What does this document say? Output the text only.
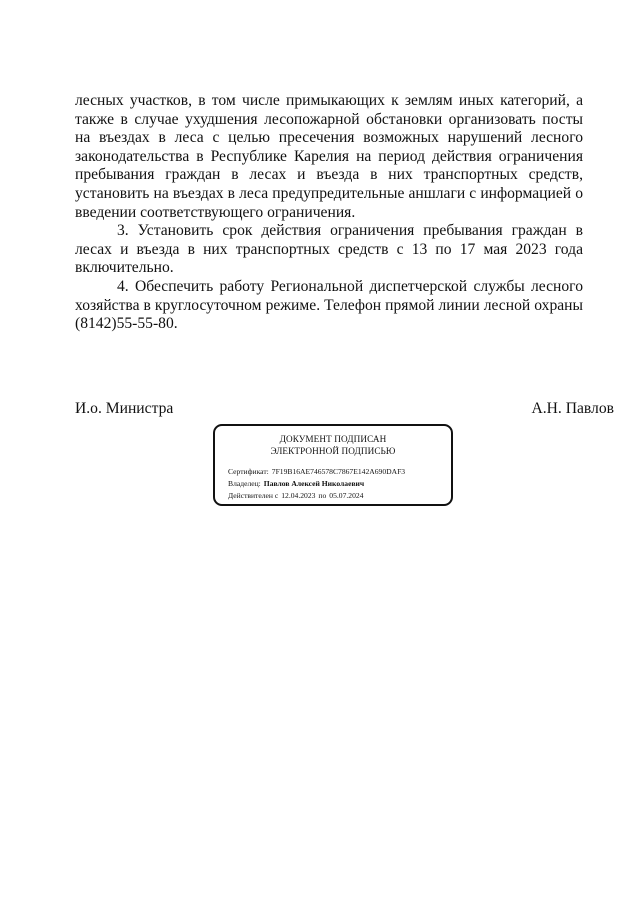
лесных участков, в том числе примыкающих к землям иных категорий, а также в случае ухудшения лесопожарной обстановки организовать посты на въездах в леса с целью пресечения возможных нарушений лесного законодательства в Республике Карелия на период действия ограничения пребывания граждан в лесах и въезда в них транспортных средств, установить на въездах в леса предупредительные аншлаги с информацией о введении соответствующего ограничения.

3. Установить срок действия ограничения пребывания граждан в лесах и въезда в них транспортных средств с 13 по 17 мая 2023 года включительно.

4. Обеспечить работу Региональной диспетчерской службы лесного хозяйства в круглосуточном режиме. Телефон прямой линии лесной охраны (8142)55-55-80.

И.о. Министра	А.Н. Павлов
ДОКУМЕНТ ПОДПИСАН
ЭЛЕКТРОННОЙ ПОДПИСЬЮ
Сертификат: 7F19B16AE746578C7867E142A690DAF3
Владелец: Павлов Алексей Николаевич
Действителен с 12.04.2023 по 05.07.2024
